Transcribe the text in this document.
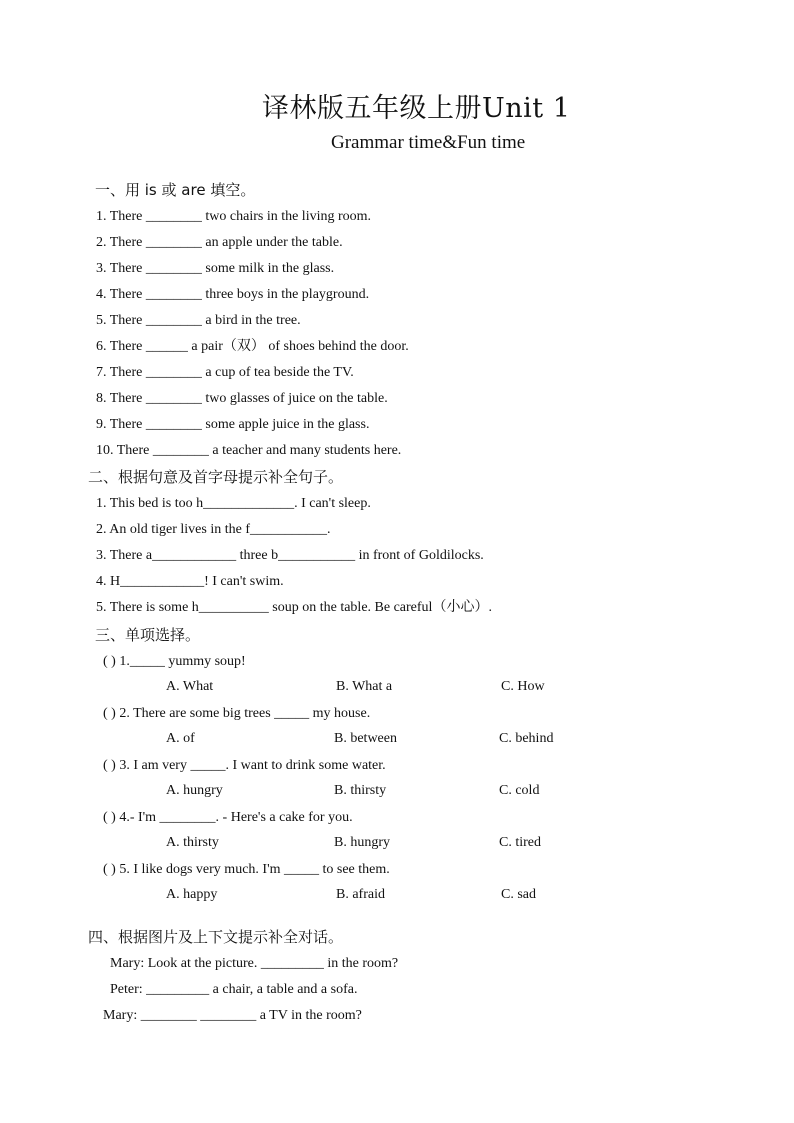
译林版五年级上册Unit 1
Grammar time&Fun time
一、用 is 或 are 填空。
1. There ________ two chairs in the living room.
2. There ________ an apple under the table.
3. There ________ some milk in the glass.
4. There ________ three boys in the playground.
5. There ________ a bird in the tree.
6. There ______ a pair（双） of shoes behind the door.
7. There ________ a cup of tea beside the TV.
8. There ________ two glasses of juice on the table.
9. There ________ some apple juice in the glass.
10. There ________ a teacher and many students here.
二、根据句意及首字母提示补全句子。
1. This bed is too h_____________. I can't sleep.
2. An old tiger lives in the f___________.
3. There a____________ three b___________ in front of Goldilocks.
4. H____________! I can't swim.
5. There is some h__________ soup on the table. Be careful（小心）.
三、单项选择。
( ) 1._____ yummy soup!
A. What	B. What a	C. How
( ) 2. There are some big trees _____ my house.
A. of	B. between	C. behind
( ) 3. I am very _____. I want to drink some water.
A. hungry	B. thirsty	C. cold
( ) 4.- I'm ________. - Here's a cake for you.
A. thirsty	B. hungry	C. tired
( ) 5. I like dogs very much. I'm _____ to see them.
A. happy	B. afraid	C. sad
四、根据图片及上下文提示补全对话。
Mary: Look at the picture. _________ in the room?
Peter: _________ a chair, a table and a sofa.
Mary: ________ ________ a TV in the room?
